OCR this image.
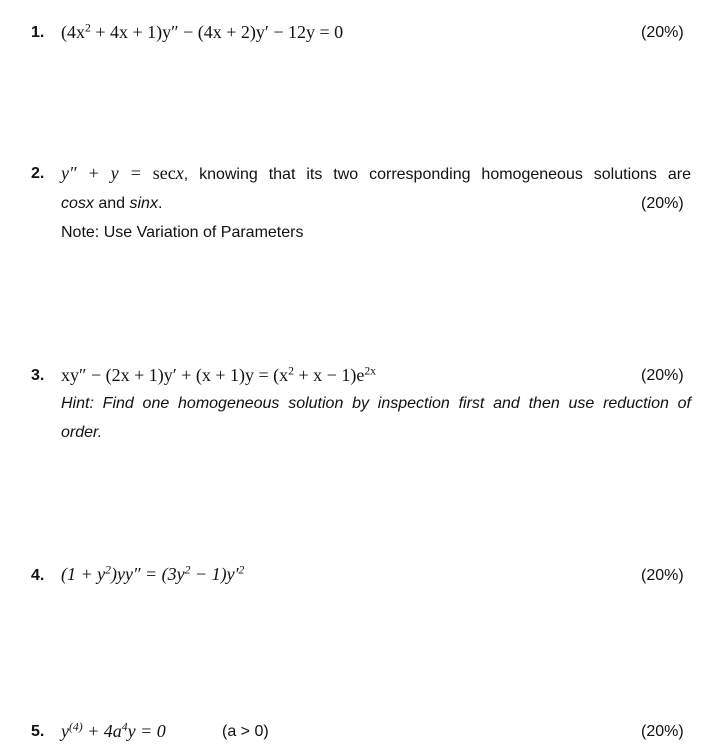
1. $(4x^2 + 4x + 1)y'' - (4x + 2)y' - 12y = 0$	(20%)
2. y″ + y = secx, knowing that its two corresponding homogeneous solutions are
cosx and sinx.	(20%)
Note: Use Variation of Parameters
3. $xy'' - (2x + 1)y' + (x + 1)y = (x^2 + x - 1)e^{2x}$	(20%)
Hint: Find one homogeneous solution by inspection first and then use reduction of
order.
4. $(1 + y^2)yy'' = (3y^2 - 1)y'^2$	(20%)
5. $y^{(4)} + 4a^4y = 0$	(a > 0)	(20%)
